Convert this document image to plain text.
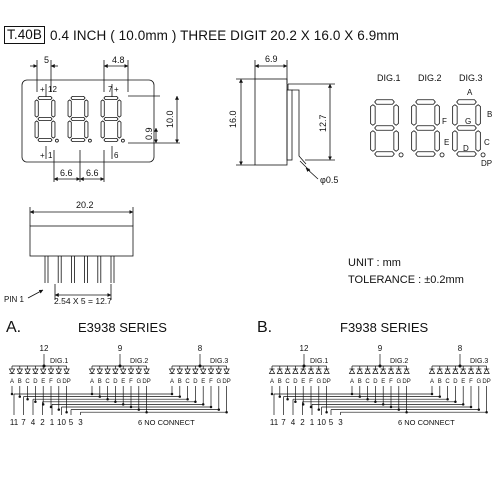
T.40B 0.4 INCH ( 10.0mm ) THREE DIGIT 20.2 X 16.0 X 6.9mm
5	4.8
6.6 6.6
0.9
10.0
+ 12	7 +
+ 1	6
6.9
16.0	12.7
φ0.5
DIG.1 DIG.2 DIG.3
A
B
C
D
E
F G
DP
20.2
PIN 1	2.54 X 5 = 12.7
UNIT : mm
TOLERANCE : ±0.2mm
A.	E3938 SERIES	B.	F3938 SERIES
12
DIG.1
A B C D E F G DP
9
DIG.2
A B C D E F G DP
8
DIG.3
A B C D E F G DP
11 7 4 2 1 10 5 3	6 NO CONNECT
12
DIG.1
A B C D E F G DP
9
DIG.2
A B C D E F G DP
8
DIG.3
A B C D E F G DP
11 7 4 2 1 10 5 3	6 NO CONNECT
